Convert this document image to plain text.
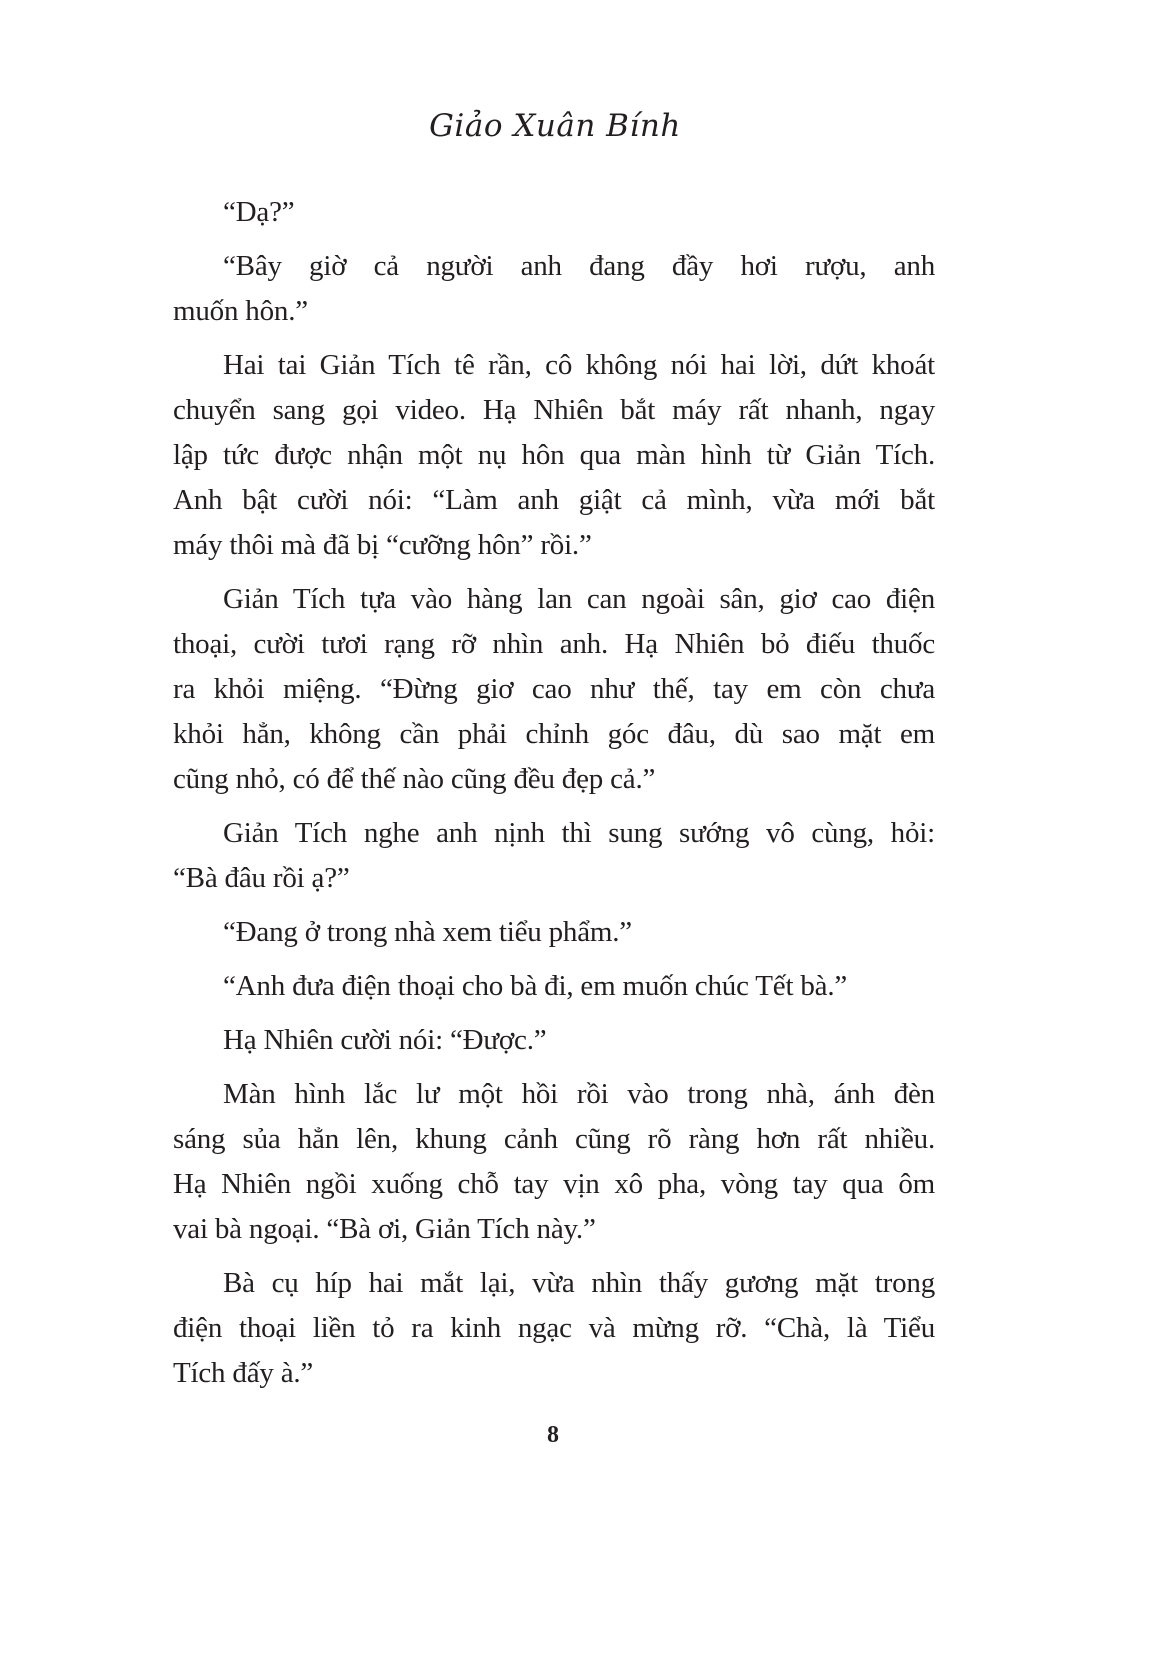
Giảo Xuân Bính
“Dạ?”
“Bây giờ cả người anh đang đầy hơi rượu, anh
muốn hôn.”
Hai tai Giản Tích tê rần, cô không nói hai lời, dứt khoát
chuyển sang gọi video. Hạ Nhiên bắt máy rất nhanh, ngay
lập tức được nhận một nụ hôn qua màn hình từ Giản Tích.
Anh bật cười nói: “Làm anh giật cả mình, vừa mới bắt
máy thôi mà đã bị “cưỡng hôn” rồi.”
Giản Tích tựa vào hàng lan can ngoài sân, giơ cao điện
thoại, cười tươi rạng rỡ nhìn anh. Hạ Nhiên bỏ điếu thuốc
ra khỏi miệng. “Đừng giơ cao như thế, tay em còn chưa
khỏi hẳn, không cần phải chỉnh góc đâu, dù sao mặt em
cũng nhỏ, có để thế nào cũng đều đẹp cả.”
Giản Tích nghe anh nịnh thì sung sướng vô cùng, hỏi:
“Bà đâu rồi ạ?”
“Đang ở trong nhà xem tiểu phẩm.”
“Anh đưa điện thoại cho bà đi, em muốn chúc Tết bà.”
Hạ Nhiên cười nói: “Được.”
Màn hình lắc lư một hồi rồi vào trong nhà, ánh đèn
sáng sủa hẳn lên, khung cảnh cũng rõ ràng hơn rất nhiều.
Hạ Nhiên ngồi xuống chỗ tay vịn xô pha, vòng tay qua ôm
vai bà ngoại. “Bà ơi, Giản Tích này.”
Bà cụ híp hai mắt lại, vừa nhìn thấy gương mặt trong
điện thoại liền tỏ ra kinh ngạc và mừng rỡ. “Chà, là Tiểu
Tích đấy à.”
8
